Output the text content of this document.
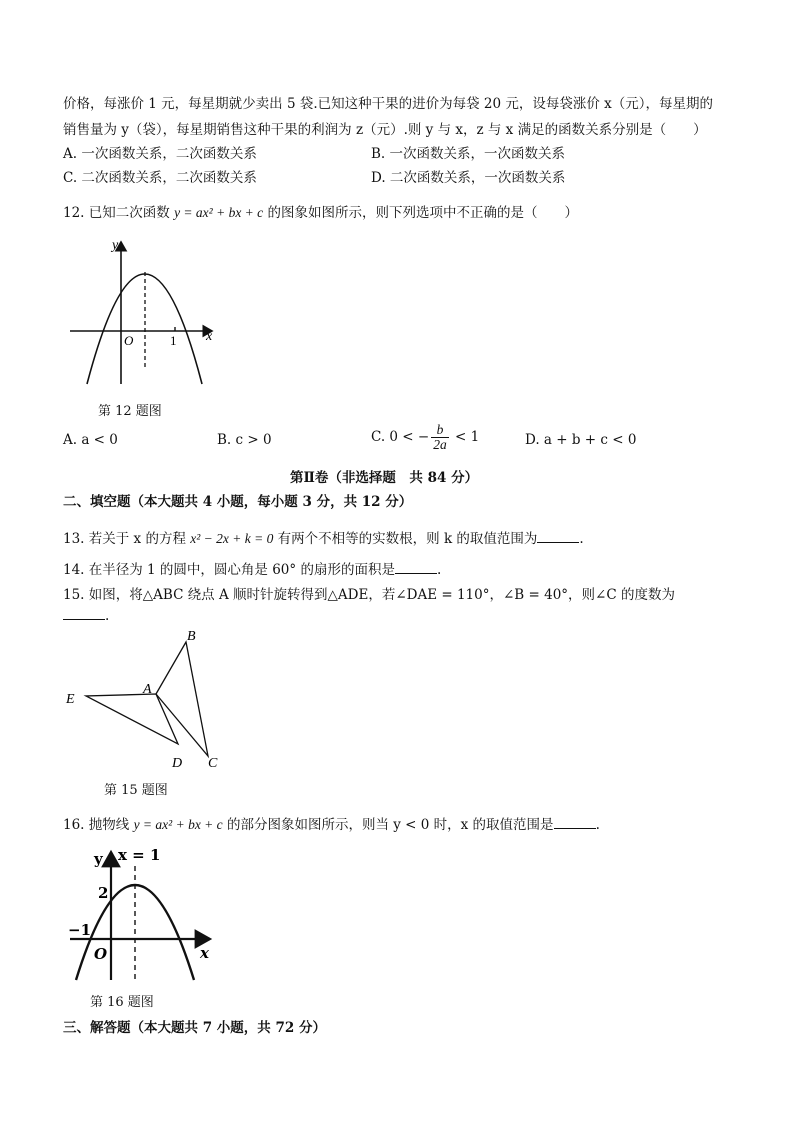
价格，每涨价 1 元，每星期就少卖出 5 袋.已知这种干果的进价为每袋 20 元，设每袋涨价 x（元），每星期的
销售量为 y（袋），每星期销售这种干果的利润为 z（元）.则 y 与 x，z 与 x 满足的函数关系分别是（　　）
A. 一次函数关系，二次函数关系	B. 一次函数关系，一次函数关系
C. 二次函数关系，二次函数关系	D. 二次函数关系，一次函数关系
12. 已知二次函数 y = ax² + bx + c 的图象如图所示，则下列选项中不正确的是（　　）
y
x
O	1
第 12 题图
A. a < 0	B. c > 0	C. 0 < − $\frac{b}{2a} < 1$	D. a + b + c < 0
第Ⅱ卷（非选择题　共 84 分）
二、填空题（本大题共 4 小题，每小题 3 分，共 12 分）
13. 若关于 x 的方程 x² − 2x + k = 0 有两个不相等的实数根，则 k 的取值范围为	.
14. 在半径为 1 的圆中，圆心角是 60° 的扇形的面积是	.
15. 如图，将△ABC 绕点 A 顺时针旋转得到△ADE，若∠DAE = 110°，∠B = 40°，则∠C 的度数为
.
B
A
E
D C
第 15 题图
16. 抛物线 y = ax² + bx + c 的部分图象如图所示，则当 y < 0 时，x 的取值范围是	.
y x = 1
2
−1
O	x
第 16 题图
三、解答题（本大题共 7 小题，共 72 分）
